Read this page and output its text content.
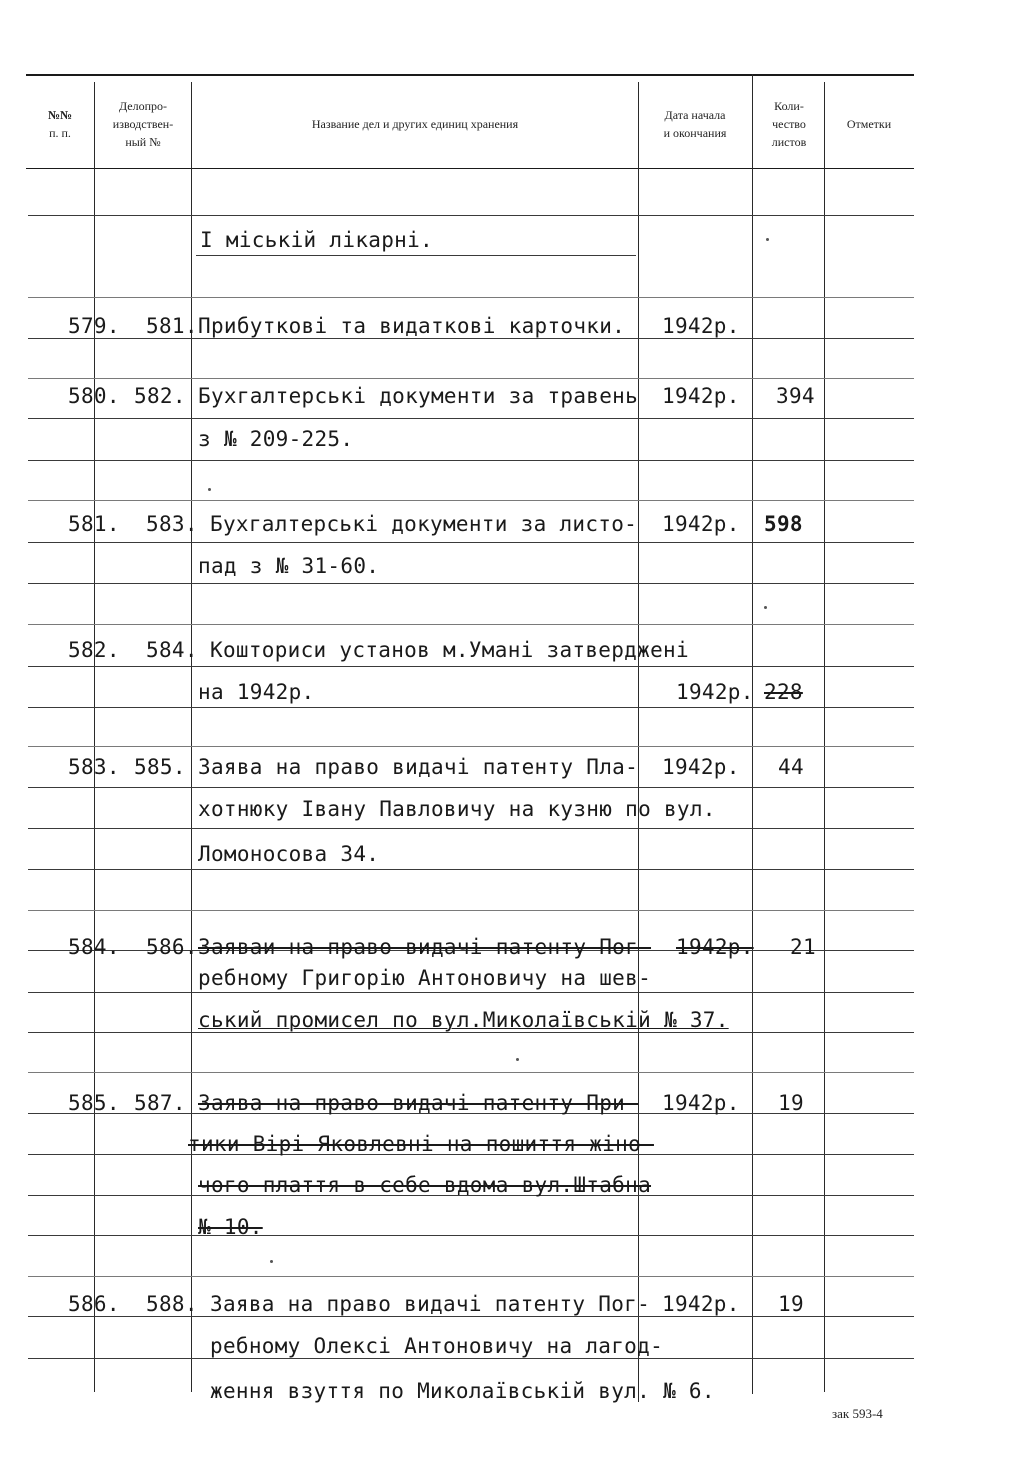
№№
п. п.
Делопро-
изводствен-
ный №
Название дел и других единиц хранения
Дата начала
и окончания
Коли-
чество
листов
Отметки
І міській лікарні.
579. 581. Прибуткові та видаткові карточки. 1942р.
580. 582. Бухгалтерські документи за травень
з № 209-225.
1942р. 394
581. 583. Бухгалтерські документи за листо-
пад з № 31-60.
1942р. 598
582. 584. Кошториси установ м.Умані затверджені
на 1942р.	1942р. 228
583. 585. Заява на право видачі патенту Пла-
хотнюку Івану Павловичу на кузню по вул.
Ломоносова 34.
1942р. 44
584. 586. Заяваи на право видачі патенту Пог-
ребному Григорію Антоновичу на шев-
ський промисел по вул.Миколаївській № 37.
1942р. 21
585. 587. Заява на право видачі патенту При-
тики Вірі Яковлевні на пошиття жіно-
чого плаття в себе вдома вул.Штабна
№ 10.
1942р. 19
586. 588. Заява на право видачі патенту Пог-
ребному Олексі Антоновичу на лагод-
ження взуття по Миколаївській вул. № 6.
1942р. 19
зак 593-4
